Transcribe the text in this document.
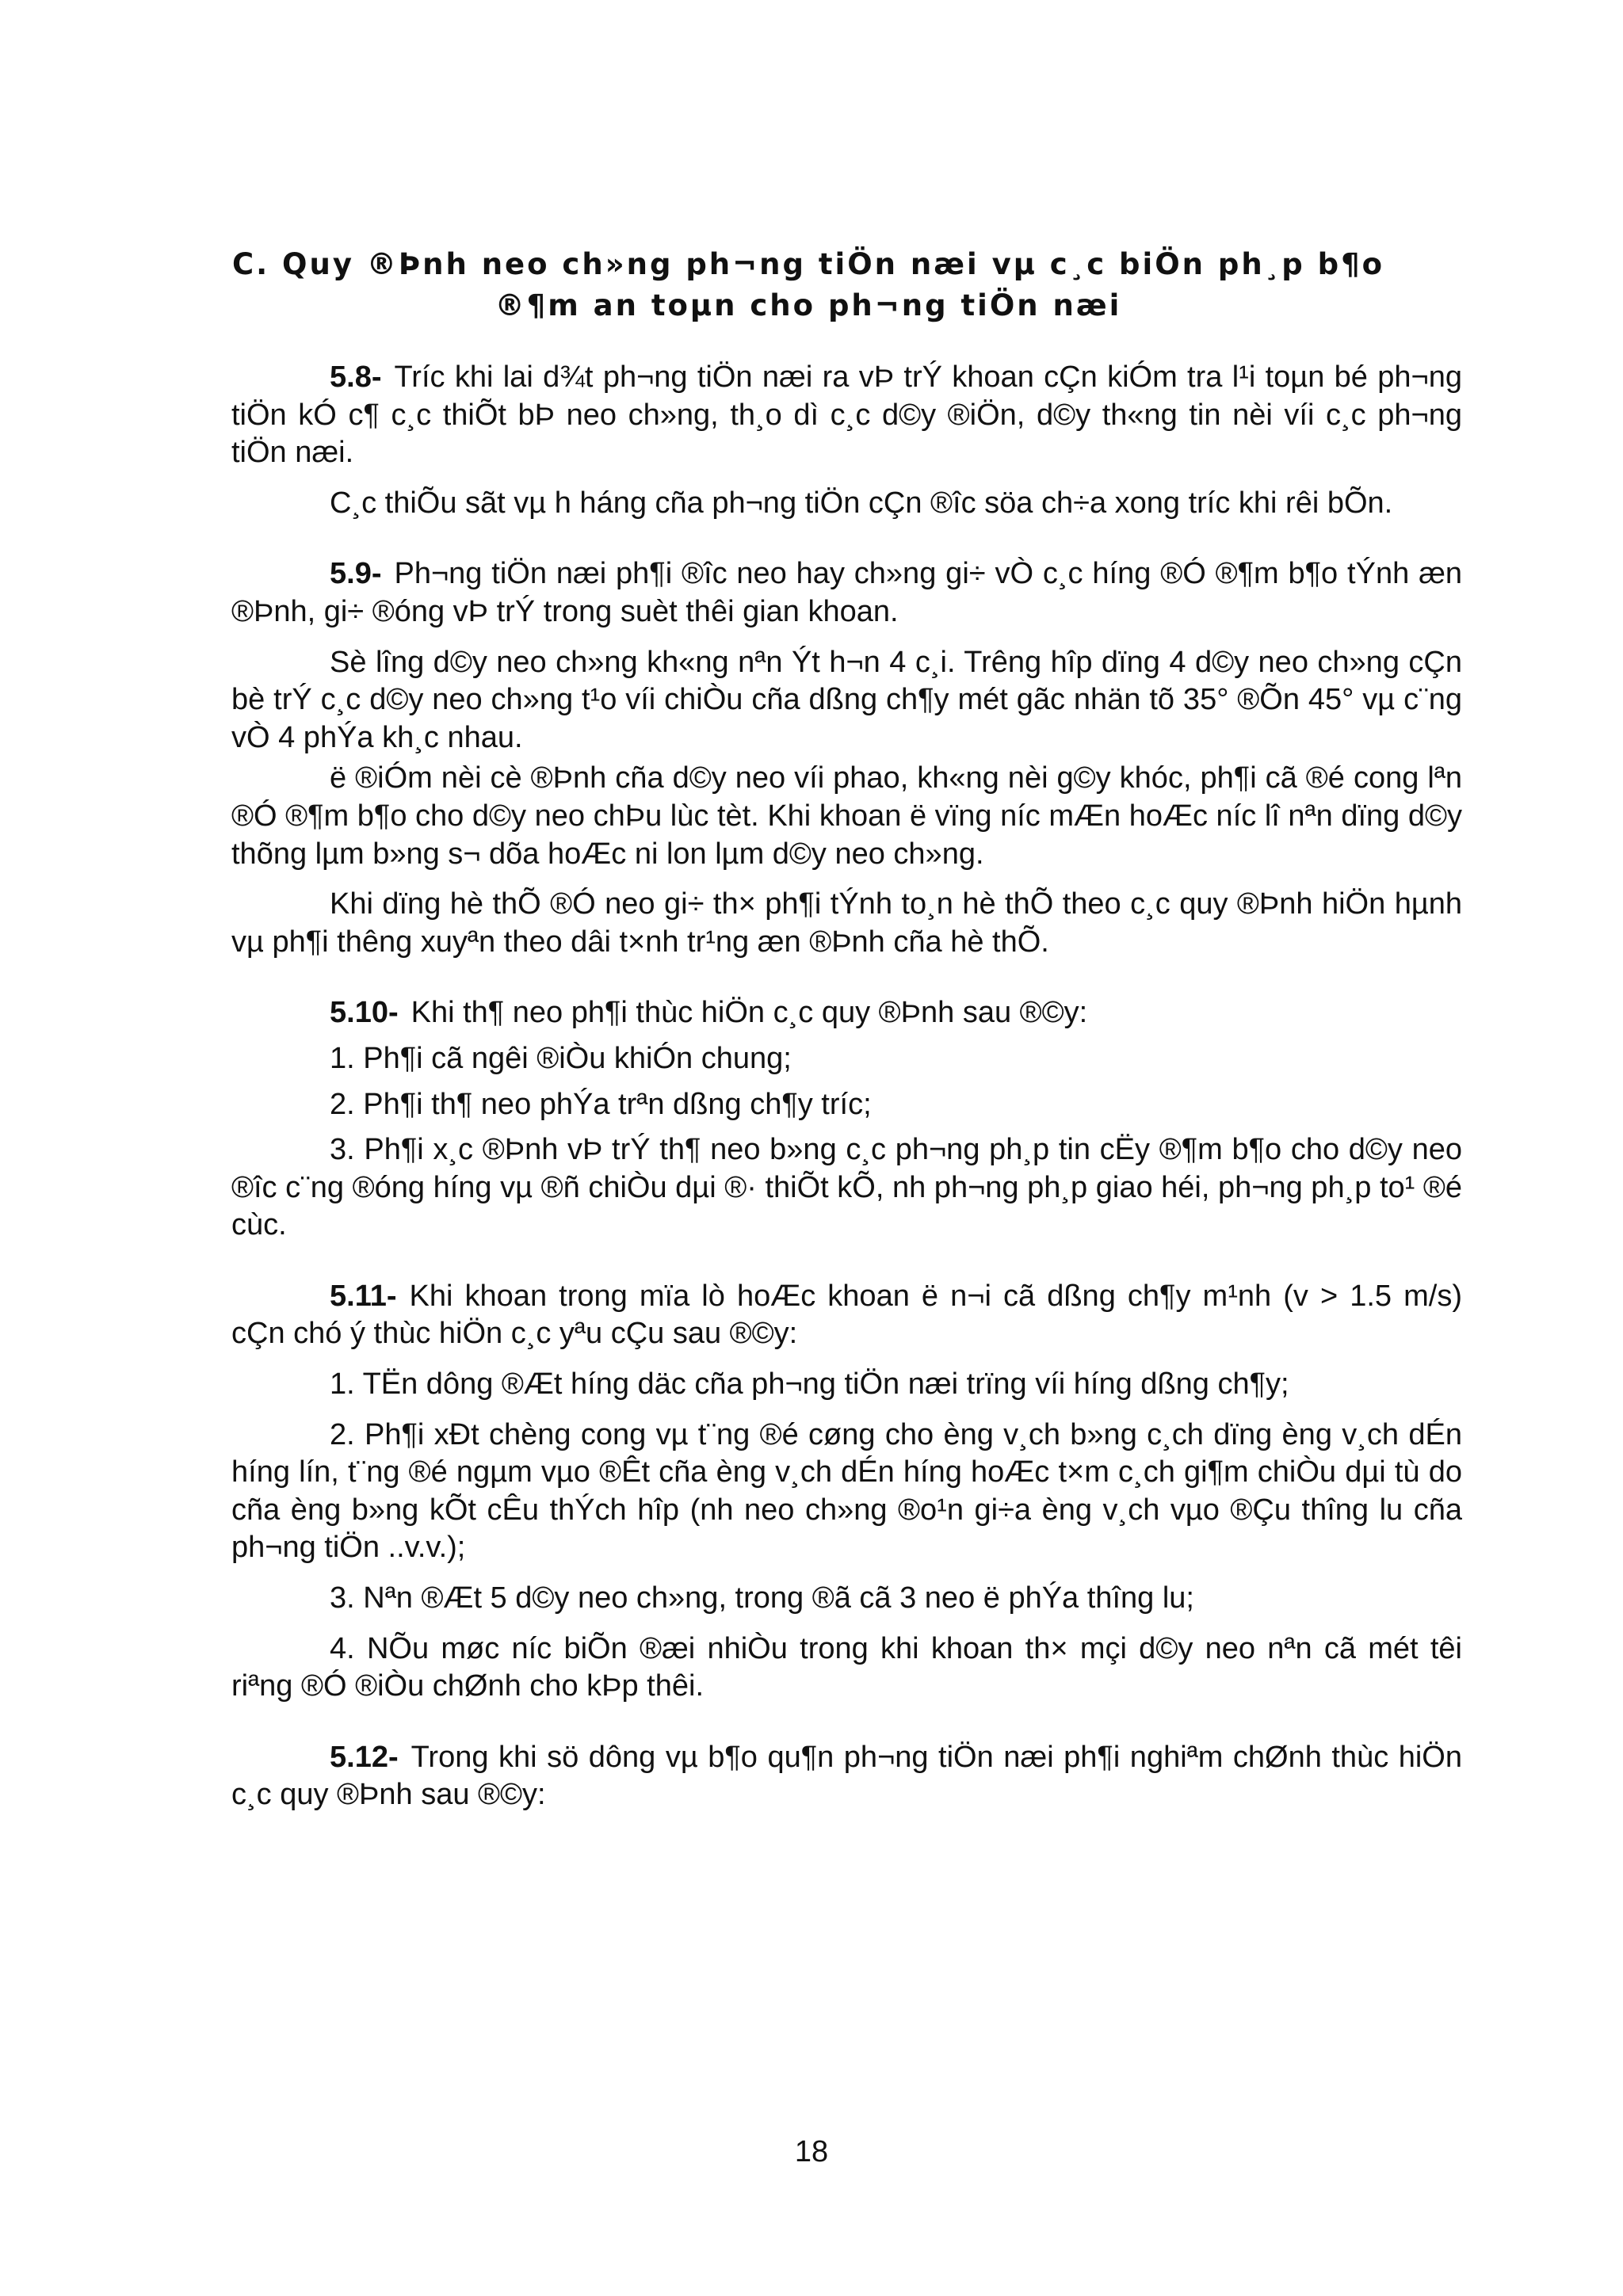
C. Quy ®Þnh neo ch»ng ph¬ng tiÖn næi vµ c¸c biÖn ph¸p b¶o
®¶m an toµn cho ph¬ng tiÖn næi

5.8- Tríc khi lai d¾t ph¬ng tiÖn næi ra vÞ trÝ khoan cÇn kiÓm tra l¹i toµn bé ph¬ng tiÖn kÓ c¶ c¸c thiÕt bÞ neo ch»ng, th¸o dì c¸c d©y ®iÖn, d©y th«ng tin nèi víi c¸c ph¬ng tiÖn næi.

C¸c thiÕu sãt vµ h háng cña ph¬ng tiÖn cÇn ®îc söa ch÷a xong tríc khi rêi bÕn.

5.9- Ph¬ng tiÖn næi ph¶i ®îc neo hay ch»ng gi÷ vÒ c¸c híng ®Ó ®¶m b¶o tÝnh æn ®Þnh, gi÷ ®óng vÞ trÝ trong suèt thêi gian khoan.

Sè lîng d©y neo ch»ng kh«ng nªn Ýt h¬n 4 c¸i. Trêng hîp dïng 4 d©y neo ch»ng cÇn bè trÝ c¸c d©y neo ch»ng t¹o víi chiÒu cña dßng ch¶y mét gãc nhän tõ 35° ®Õn 45° vµ c¨ng vÒ 4 phÝa kh¸c nhau.

ë ®iÓm nèi cè ®Þnh cña d©y neo víi phao, kh«ng nèi g©y khóc, ph¶i cã ®é cong lªn ®Ó ®¶m b¶o cho d©y neo chÞu lùc tèt. Khi khoan ë vïng níc mÆn hoÆc níc lî nªn dïng d©y thõng lµm b»ng s¬ dõa hoÆc ni lon lµm d©y neo ch»ng.

Khi dïng hè thÕ ®Ó neo gi÷ th× ph¶i tÝnh to¸n hè thÕ theo c¸c quy ®Þnh hiÖn hµnh vµ ph¶i thêng xuyªn theo dâi t×nh tr¹ng æn ®Þnh cña hè thÕ.

5.10- Khi th¶ neo ph¶i thùc hiÖn c¸c quy ®Þnh sau ®©y:

1. Ph¶i cã ngêi ®iÒu khiÓn chung;

2. Ph¶i th¶ neo phÝa trªn dßng ch¶y tríc;

3. Ph¶i x¸c ®Þnh vÞ trÝ th¶ neo b»ng c¸c ph¬ng ph¸p tin cËy ®¶m b¶o cho d©y neo ®îc c¨ng ®óng híng vµ ®ñ chiÒu dµi ®· thiÕt kÕ, nh ph¬ng ph¸p giao héi, ph¬ng ph¸p to¹ ®é cùc.

5.11- Khi khoan trong mïa lò hoÆc khoan ë n¬i cã dßng ch¶y m¹nh (v > 1.5 m/s) cÇn chó ý thùc hiÖn c¸c yªu cÇu sau ®©y:

1. TËn dông ®Æt híng däc cña ph¬ng tiÖn næi trïng víi híng dßng ch¶y;

2. Ph¶i xÐt chèng cong vµ t¨ng ®é cøng cho èng v¸ch b»ng c¸ch dïng èng v¸ch dÉn híng lín, t¨ng ®é ngµm vµo ®Êt cña èng v¸ch dÉn híng hoÆc t×m c¸ch gi¶m chiÒu dµi tù do cña èng b»ng kÕt cÊu thÝch hîp (nh neo ch»ng ®o¹n gi÷a èng v¸ch vµo ®Çu thîng lu cña ph¬ng tiÖn ..v.v.);

3. Nªn ®Æt 5 d©y neo ch»ng, trong ®ã cã 3 neo ë phÝa thîng lu;

4. NÕu møc níc biÕn ®æi nhiÒu trong khi khoan th× mçi d©y neo nªn cã mét têi riªng ®Ó ®iÒu chØnh cho kÞp thêi.

5.12- Trong khi sö dông vµ b¶o qu¶n ph¬ng tiÖn næi ph¶i nghiªm chØnh thùc hiÖn c¸c quy ®Þnh sau ®©y:

18
